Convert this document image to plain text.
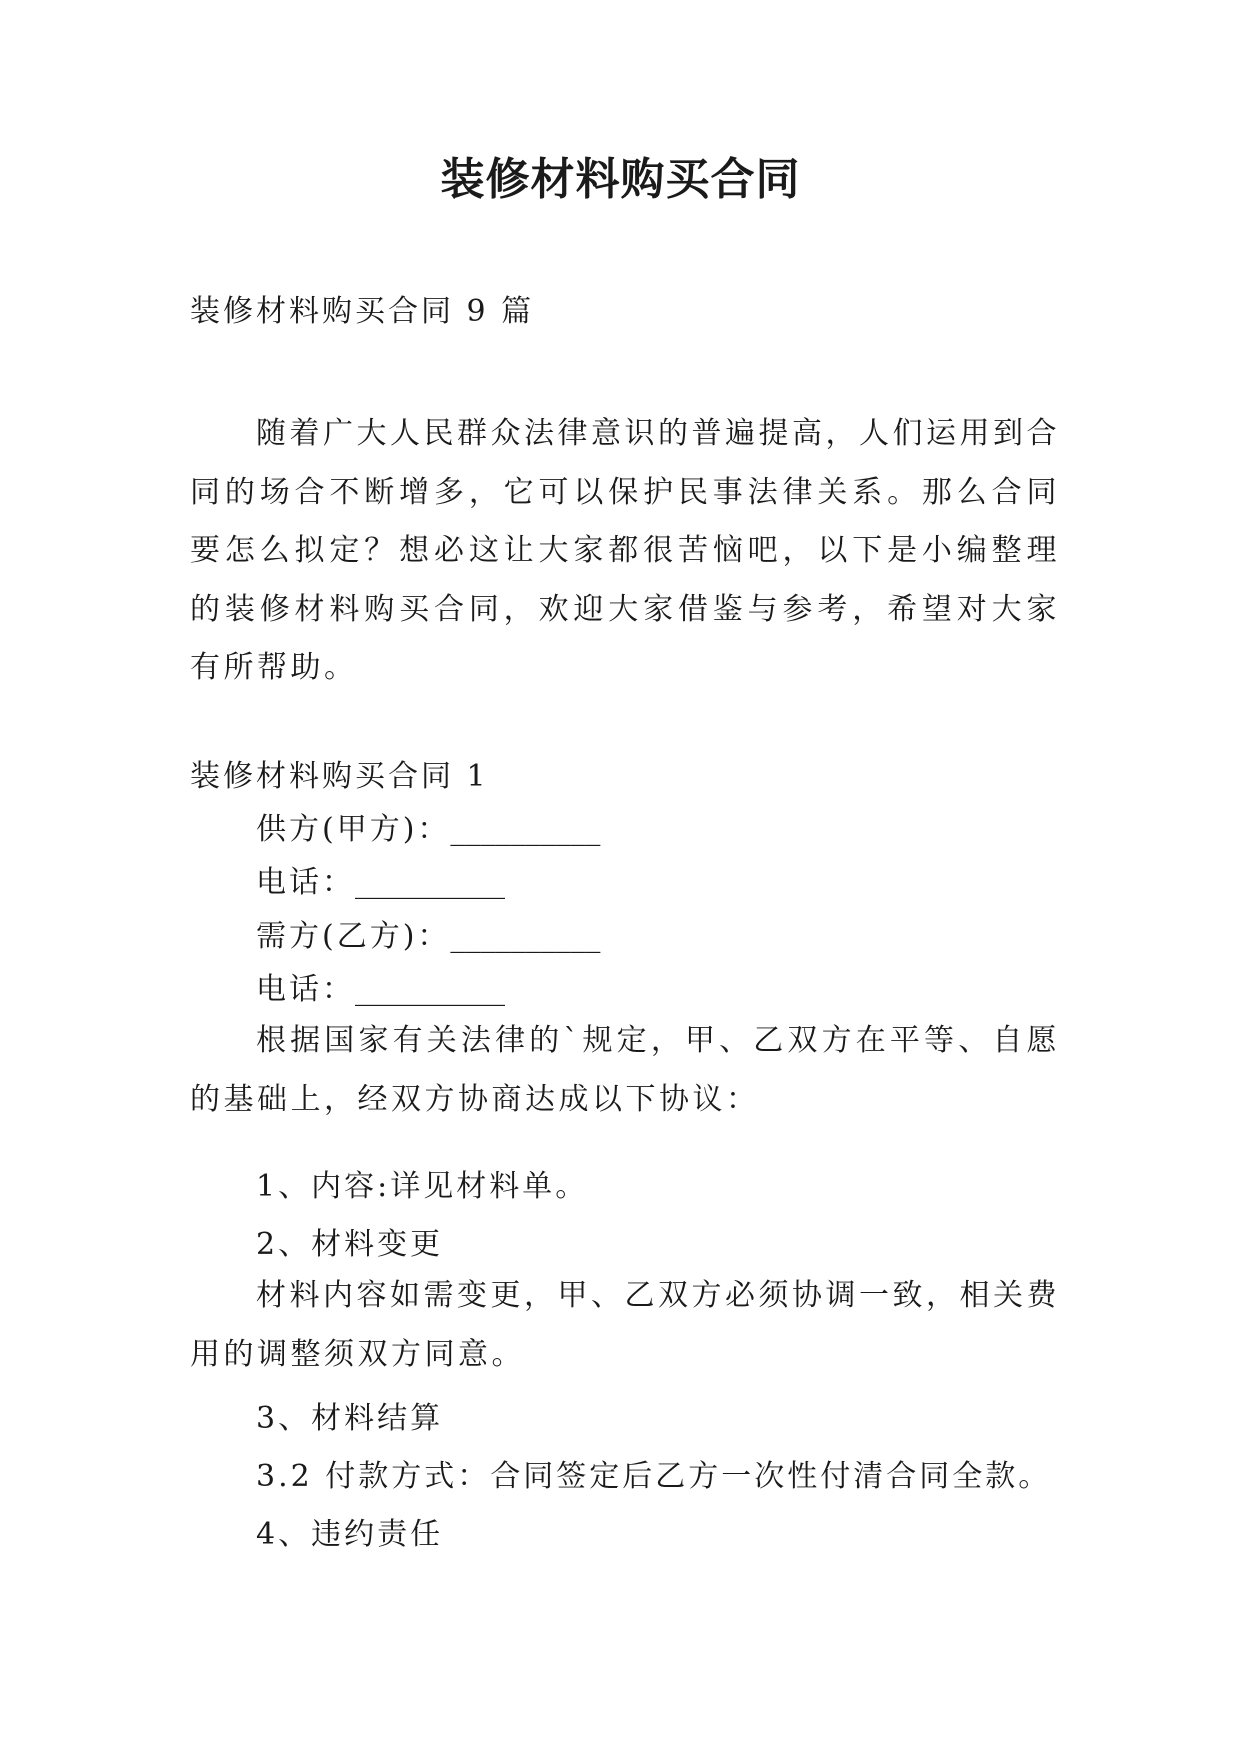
装修材料购买合同

装修材料购买合同 9 篇

随着广大人民群众法律意识的普遍提高，人们运用到合同的场合不断增多，它可以保护民事法律关系。那么合同要怎么拟定？想必这让大家都很苦恼吧，以下是小编整理的装修材料购买合同，欢迎大家借鉴与参考，希望对大家有所帮助。

装修材料购买合同 1

供方(甲方)：__________

电话：__________

需方(乙方)：__________

电话：__________

根据国家有关法律的`规定，甲、乙双方在平等、自愿的基础上，经双方协商达成以下协议：

1、内容:详见材料单。

2、材料变更

材料内容如需变更，甲、乙双方必须协调一致，相关费用的调整须双方同意。

3、材料结算

3.2 付款方式：合同签定后乙方一次性付清合同全款。

4、违约责任
